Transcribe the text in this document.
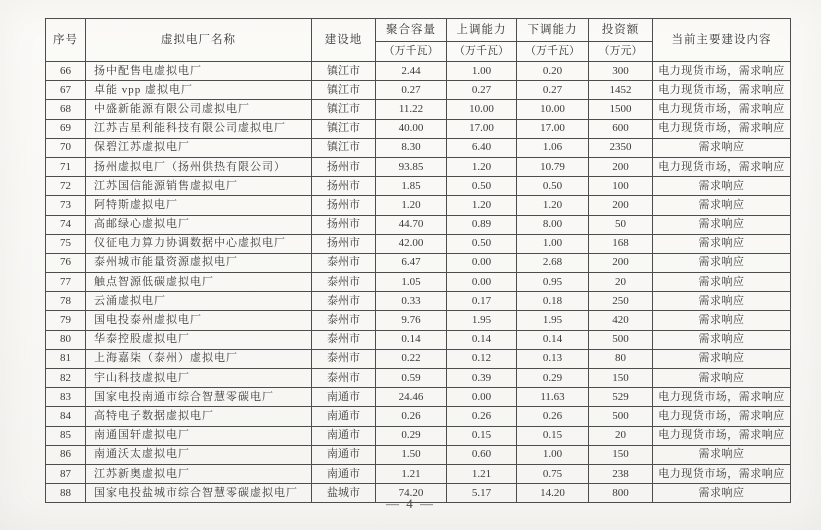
序号	虚拟电厂名称	建设地	聚合容量	上调能力	下调能力	投资额	当前主要建设内容
			（万千瓦）	（万千瓦）	（万千瓦）	（万元）	
66	扬中配售电虚拟电厂	镇江市	2.44	1.00	0.20	300	电力现货市场，需求响应
67	卓能 vpp 虚拟电厂	镇江市	0.27	0.27	0.27	1452	电力现货市场，需求响应
68	中盛新能源有限公司虚拟电厂	镇江市	11.22	10.00	10.00	1500	电力现货市场，需求响应
69	江苏吉星利能科技有限公司虚拟电厂	镇江市	40.00	17.00	17.00	600	电力现货市场，需求响应
70	保碧江苏虚拟电厂	镇江市	8.30	6.40	1.06	2350	需求响应
71	扬州虚拟电厂（扬州供热有限公司）	扬州市	93.85	1.20	10.79	200	电力现货市场，需求响应
72	江苏国信能源销售虚拟电厂	扬州市	1.85	0.50	0.50	100	需求响应
73	阿特斯虚拟电厂	扬州市	1.20	1.20	1.20	200	需求响应
74	高邮绿心虚拟电厂	扬州市	44.70	0.89	8.00	50	需求响应
75	仪征电力算力协调数据中心虚拟电厂	扬州市	42.00	0.50	1.00	168	需求响应
76	泰州城市能量资源虚拟电厂	泰州市	6.47	0.00	2.68	200	需求响应
77	触点智源低碳虚拟电厂	泰州市	1.05	0.00	0.95	20	需求响应
78	云涌虚拟电厂	泰州市	0.33	0.17	0.18	250	需求响应
79	国电投泰州虚拟电厂	泰州市	9.76	1.95	1.95	420	需求响应
80	华泰控股虚拟电厂	泰州市	0.14	0.14	0.14	500	需求响应
81	上海嘉柒（泰州）虚拟电厂	泰州市	0.22	0.12	0.13	80	需求响应
82	宇山科技虚拟电厂	泰州市	0.59	0.39	0.29	150	需求响应
83	国家电投南通市综合智慧零碳电厂	南通市	24.46	0.00	11.63	529	电力现货市场，需求响应
84	高特电子数据虚拟电厂	南通市	0.26	0.26	0.26	500	电力现货市场，需求响应
85	南通国轩虚拟电厂	南通市	0.29	0.15	0.15	20	电力现货市场，需求响应
86	南通沃太虚拟电厂	南通市	1.50	0.60	1.00	150	需求响应
87	江苏新奥虚拟电厂	南通市	1.21	1.21	0.75	238	电力现货市场，需求响应
88	国家电投盐城市综合智慧零碳虚拟电厂	盐城市	74.20	5.17	14.20	800	需求响应
— 4 —
